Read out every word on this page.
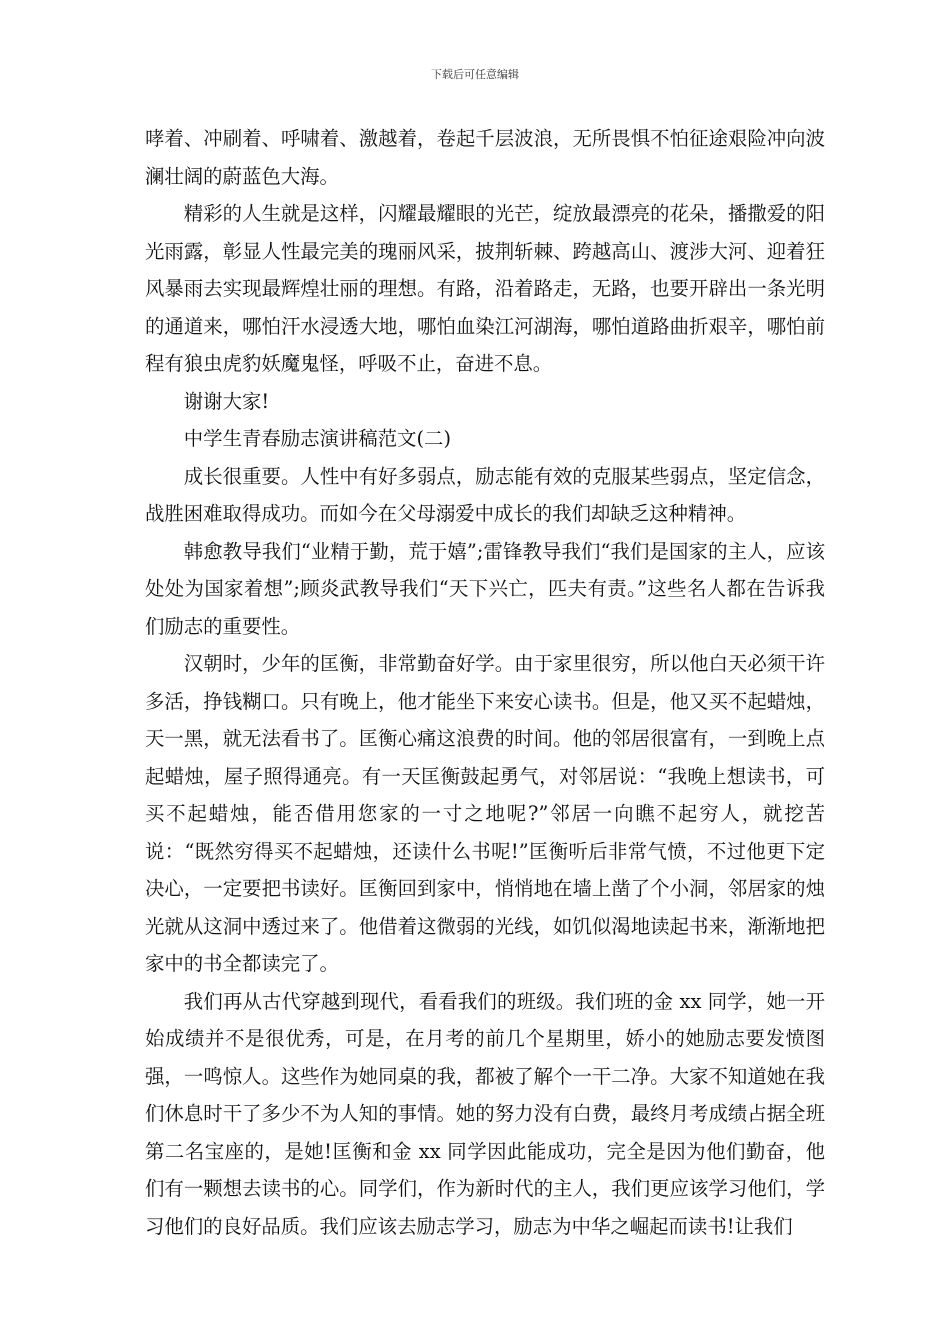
下载后可任意编辑

哮着、冲刷着、呼啸着、激越着，卷起千层波浪，无所畏惧不怕征途艰险冲向波澜壮阔的蔚蓝色大海。

精彩的人生就是这样，闪耀最耀眼的光芒，绽放最漂亮的花朵，播撒爱的阳光雨露，彰显人性最完美的瑰丽风采，披荆斩棘、跨越高山、渡涉大河、迎着狂风暴雨去实现最辉煌壮丽的理想。有路，沿着路走，无路，也要开辟出一条光明的通道来，哪怕汗水浸透大地，哪怕血染江河湖海，哪怕道路曲折艰辛，哪怕前程有狼虫虎豹妖魔鬼怪，呼吸不止，奋进不息。

谢谢大家!

中学生青春励志演讲稿范文(二)

成长很重要。人性中有好多弱点，励志能有效的克服某些弱点，坚定信念，战胜困难取得成功。而如今在父母溺爱中成长的我们却缺乏这种精神。

韩愈教导我们“业精于勤，荒于嬉”;雷锋教导我们“我们是国家的主人，应该处处为国家着想”;顾炎武教导我们“天下兴亡，匹夫有责。”这些名人都在告诉我们励志的重要性。

汉朝时，少年的匡衡，非常勤奋好学。由于家里很穷，所以他白天必须干许多活，挣钱糊口。只有晚上，他才能坐下来安心读书。但是，他又买不起蜡烛，天一黑，就无法看书了。匡衡心痛这浪费的时间。他的邻居很富有，一到晚上点起蜡烛，屋子照得通亮。有一天匡衡鼓起勇气，对邻居说：“我晚上想读书，可买不起蜡烛，能否借用您家的一寸之地呢?”邻居一向瞧不起穷人，就挖苦说：“既然穷得买不起蜡烛，还读什么书呢!”匡衡听后非常气愤，不过他更下定决心，一定要把书读好。匡衡回到家中，悄悄地在墙上凿了个小洞，邻居家的烛光就从这洞中透过来了。他借着这微弱的光线，如饥似渴地读起书来，渐渐地把家中的书全都读完了。

我们再从古代穿越到现代，看看我们的班级。我们班的金 xx 同学，她一开始成绩并不是很优秀，可是，在月考的前几个星期里，娇小的她励志要发愤图强，一鸣惊人。这些作为她同桌的我，都被了解个一干二净。大家不知道她在我们休息时干了多少不为人知的事情。她的努力没有白费，最终月考成绩占据全班第二名宝座的，是她!匡衡和金 xx 同学因此能成功，完全是因为他们勤奋，他们有一颗想去读书的心。同学们，作为新时代的主人，我们更应该学习他们，学习他们的良好品质。我们应该去励志学习，励志为中华之崛起而读书!让我们
